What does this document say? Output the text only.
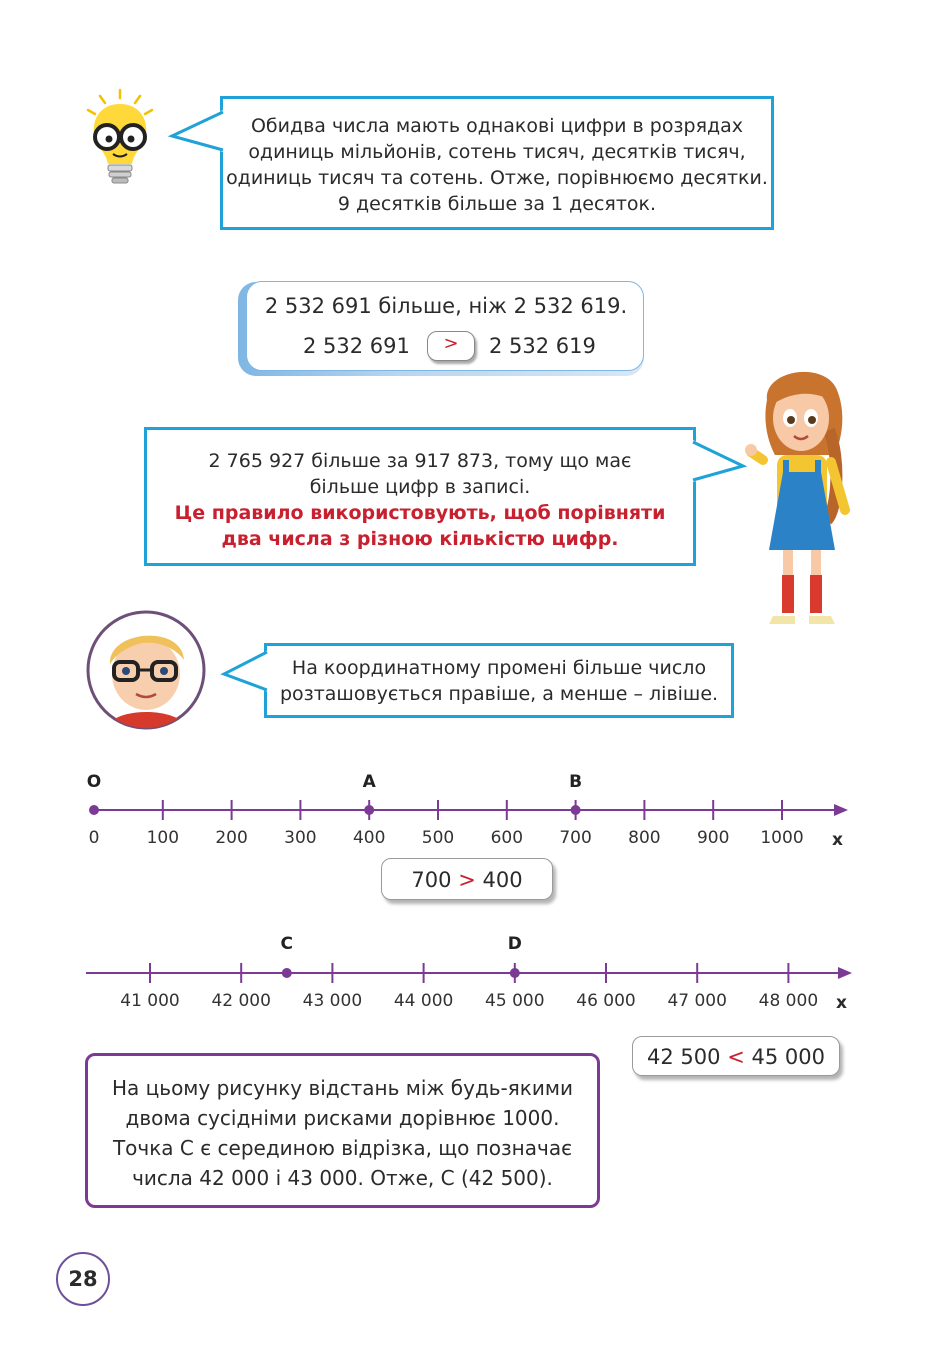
Обидва числа мають однакові цифри в розрядах
одиниць мільйонів, сотень тисяч, десятків тисяч,
одиниць тисяч та сотень. Отже, порівнюємо десятки.
9 десятків більше за 1 десяток.
2 532 691 більше, ніж 2 532 619.
2 532 691	>	2 532 619
2 765 927 більше за 917 873, тому що має
більше цифр в записі.
Це правило використовують, щоб порівняти
два числа з різною кількістю цифр.
На координатному промені більше число
розташовується правіше, а менше – лівіше.
O
0	100 200 300 400 500 600 700 800 900 1000
A	B
x
700 > 400
41 000 42 000 43 000 44 000 45 000 46 000 47 000 48 000
C	D
x
42 500 < 45 000
На цьому рисунку відстань між будь-якими
двома сусідніми рисками дорівнює 1000.
Точка С є серединою відрізка, що позначає
числа 42 000 і 43 000. Отже, С (42 500).
28
